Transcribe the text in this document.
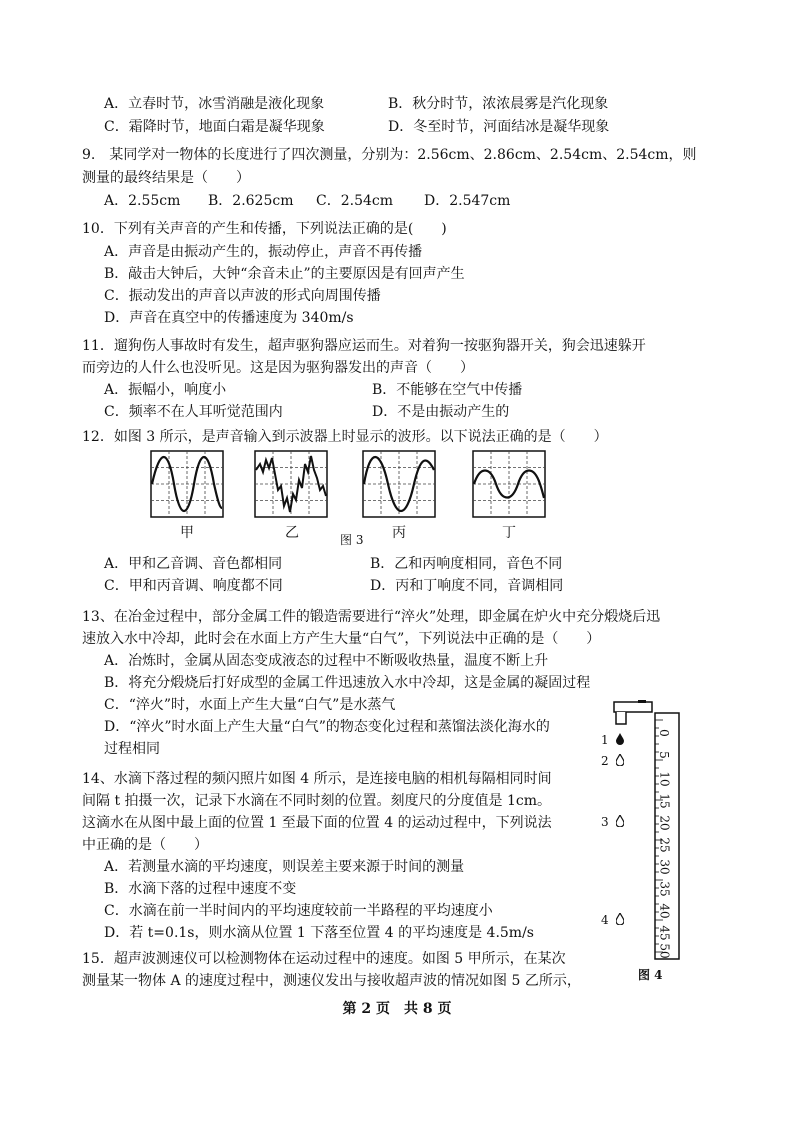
A．立春时节，冰雪消融是液化现象	B．秋分时节，浓浓晨雾是汽化现象
C．霜降时节，地面白霜是凝华现象	D．冬至时节，河面结冰是凝华现象
9.　某同学对一物体的长度进行了四次测量，分别为：2.56cm、2.86cm、2.54cm、2.54cm，则
测量的最终结果是（　　）
A．2.55cm B．2.625cm C．2.54cm D．2.547cm
10．下列有关声音的产生和传播，下列说法正确的是(　　)
A．声音是由振动产生的，振动停止，声音不再传播
B．敲击大钟后，大钟“余音未止”的主要原因是有回声产生
C．振动发出的声音以声波的形式向周围传播
D．声音在真空中的传播速度为 340m/s
11．遛狗伤人事故时有发生，超声驱狗器应运而生。对着狗一按驱狗器开关，狗会迅速躲开
而旁边的人什么也没听见。这是因为驱狗器发出的声音（　　）
A．振幅小，响度小	B．不能够在空气中传播
C．频率不在人耳听觉范围内	D．不是由振动产生的
12．如图 3 所示，是声音输入到示波器上时显示的波形。以下说法正确的是（　　）
甲	乙	丙	丁
图 3
A．甲和乙音调、音色都相同	B．乙和丙响度相同，音色不同
C．甲和丙音调、响度都不同	D．丙和丁响度不同，音调相同
13、在冶金过程中，部分金属工件的锻造需要进行“淬火”处理，即金属在炉火中充分煅烧后迅
速放入水中冷却，此时会在水面上方产生大量“白气”，下列说法中正确的是（　　）
A．冶炼时，金属从固态变成液态的过程中不断吸收热量，温度不断上升
B．将充分煅烧后打好成型的金属工件迅速放入水中冷却，这是金属的凝固过程
C．“淬火”时，水面上产生大量“白气”是水蒸气
D．“淬火”时水面上产生大量“白气”的物态变化过程和蒸馏法淡化海水的
过程相同
14、水滴下落过程的频闪照片如图 4 所示，是连接电脑的相机每隔相同时间
间隔 t 拍摄一次，记录下水滴在不同时刻的位置。刻度尺的分度值是 1cm。
这滴水在从图中最上面的位置 1 至最下面的位置 4 的运动过程中，下列说法
中正确的是（　　）
A．若测量水滴的平均速度，则误差主要来源于时间的测量
B．水滴下落的过程中速度不变
C．水滴在前一半时间内的平均速度较前一半路程的平均速度小
D．若 t=0.1s，则水滴从位置 1 下落至位置 4 的平均速度是 4.5m/s
0
5
10
15
20
25
30
35
40
45
50
1
2
3
4
图 4
15．超声波测速仪可以检测物体在运动过程中的速度。如图 5 甲所示，在某次
测量某一物体 A 的速度过程中，测速仪发出与接收超声波的情况如图 5 乙所示，
第 2 页　共 8 页
